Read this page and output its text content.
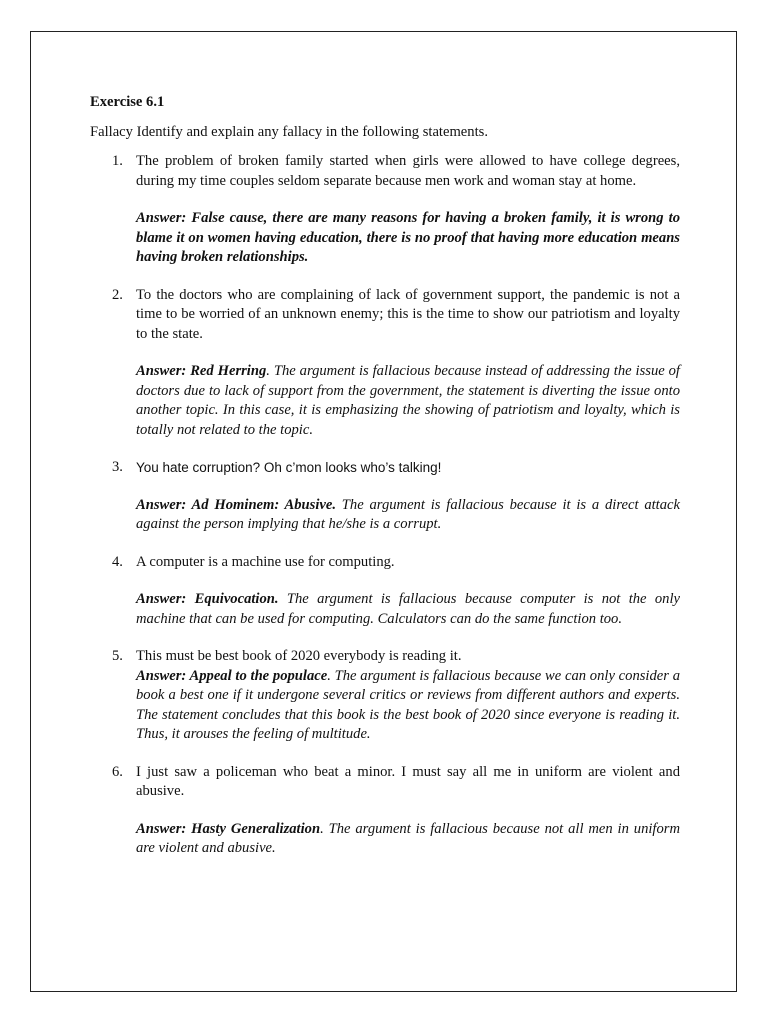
Exercise 6.1

Fallacy Identify and explain any fallacy in the following statements.

1. The problem of broken family started when girls were allowed to have college degrees, during my time couples seldom separate because men work and woman stay at home.

Answer: False cause, there are many reasons for having a broken family, it is wrong to blame it on women having education, there is no proof that having more education means having broken relationships.

2. To the doctors who are complaining of lack of government support, the pandemic is not a time to be worried of an unknown enemy; this is the time to show our patriotism and loyalty to the state.

Answer: Red Herring. The argument is fallacious because instead of addressing the issue of doctors due to lack of support from the government, the statement is diverting the issue onto another topic. In this case, it is emphasizing the showing of patriotism and loyalty, which is totally not related to the topic.

3. You hate corruption? Oh c’mon looks who’s talking!

Answer: Ad Hominem: Abusive. The argument is fallacious because it is a direct attack against the person implying that he/she is a corrupt.

4. A computer is a machine use for computing.

Answer: Equivocation. The argument is fallacious because computer is not the only machine that can be used for computing. Calculators can do the same function too.

5. This must be best book of 2020 everybody is reading it.

Answer: Appeal to the populace. The argument is fallacious because we can only consider a book a best one if it undergone several critics or reviews from different authors and experts. The statement concludes that this book is the best book of 2020 since everyone is reading it. Thus, it arouses the feeling of multitude.

6. I just saw a policeman who beat a minor. I must say all me in uniform are violent and abusive.

Answer: Hasty Generalization. The argument is fallacious because not all men in uniform are violent and abusive.
